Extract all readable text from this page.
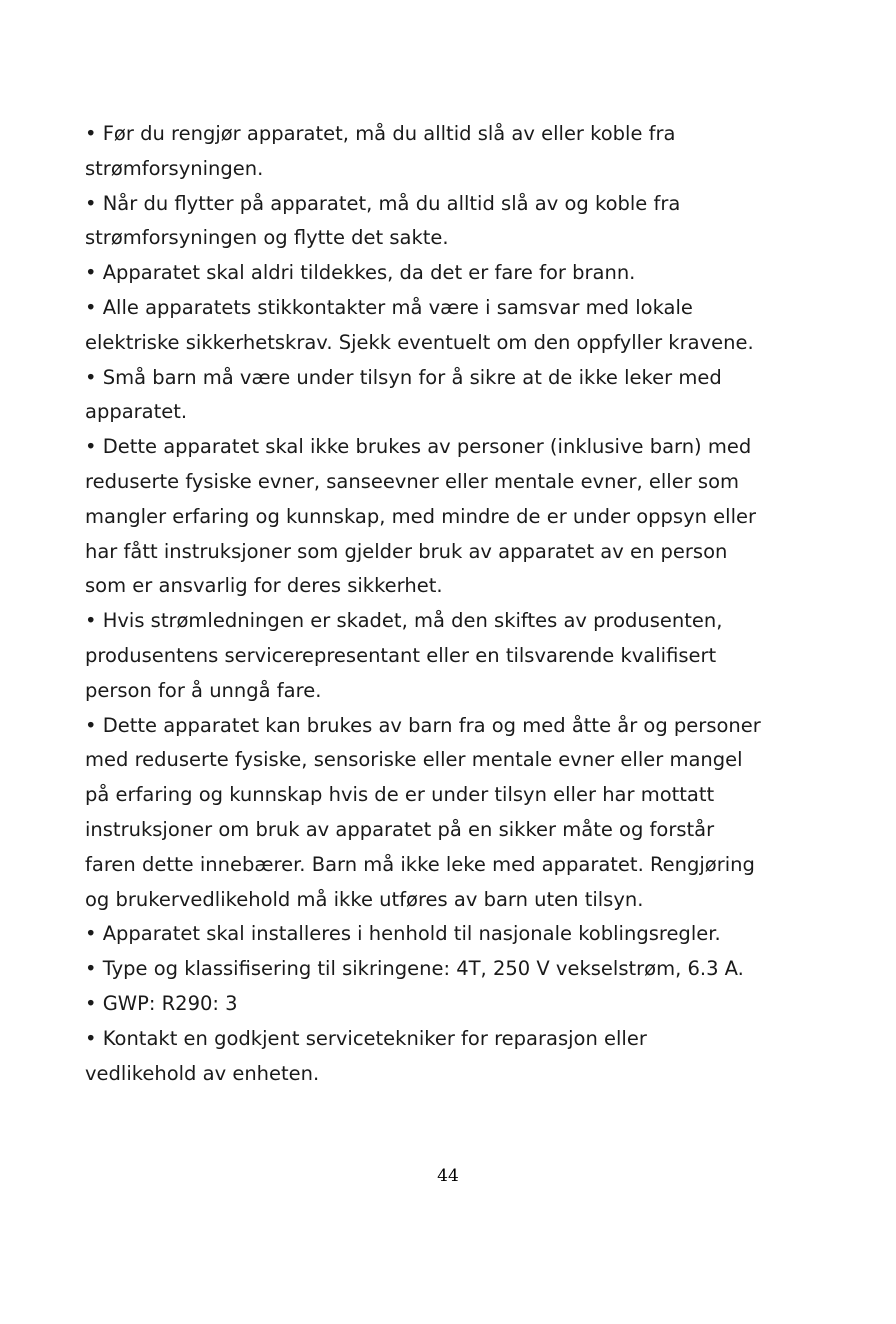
• Før du rengjør apparatet, må du alltid slå av eller koble fra
strømforsyningen.
• Når du flytter på apparatet, må du alltid slå av og koble fra
strømforsyningen og flytte det sakte.
• Apparatet skal aldri tildekkes, da det er fare for brann.
• Alle apparatets stikkontakter må være i samsvar med lokale
elektriske sikkerhetskrav. Sjekk eventuelt om den oppfyller kravene.
• Små barn må være under tilsyn for å sikre at de ikke leker med
apparatet.
• Dette apparatet skal ikke brukes av personer (inklusive barn) med
reduserte fysiske evner, sanseevner eller mentale evner, eller som
mangler erfaring og kunnskap, med mindre de er under oppsyn eller
har fått instruksjoner som gjelder bruk av apparatet av en person
som er ansvarlig for deres sikkerhet.
• Hvis strømledningen er skadet, må den skiftes av produsenten,
produsentens servicerepresentant eller en tilsvarende kvalifisert
person for å unngå fare.
• Dette apparatet kan brukes av barn fra og med åtte år og personer
med reduserte fysiske, sensoriske eller mentale evner eller mangel
på erfaring og kunnskap hvis de er under tilsyn eller har mottatt
instruksjoner om bruk av apparatet på en sikker måte og forstår
faren dette innebærer. Barn må ikke leke med apparatet. Rengjøring
og brukervedlikehold må ikke utføres av barn uten tilsyn.
• Apparatet skal installeres i henhold til nasjonale koblingsregler.
• Type og klassifisering til sikringene: 4T, 250 V vekselstrøm, 6.3 A.
• GWP: R290: 3
• Kontakt en godkjent servicetekniker for reparasjon eller
vedlikehold av enheten.
44
